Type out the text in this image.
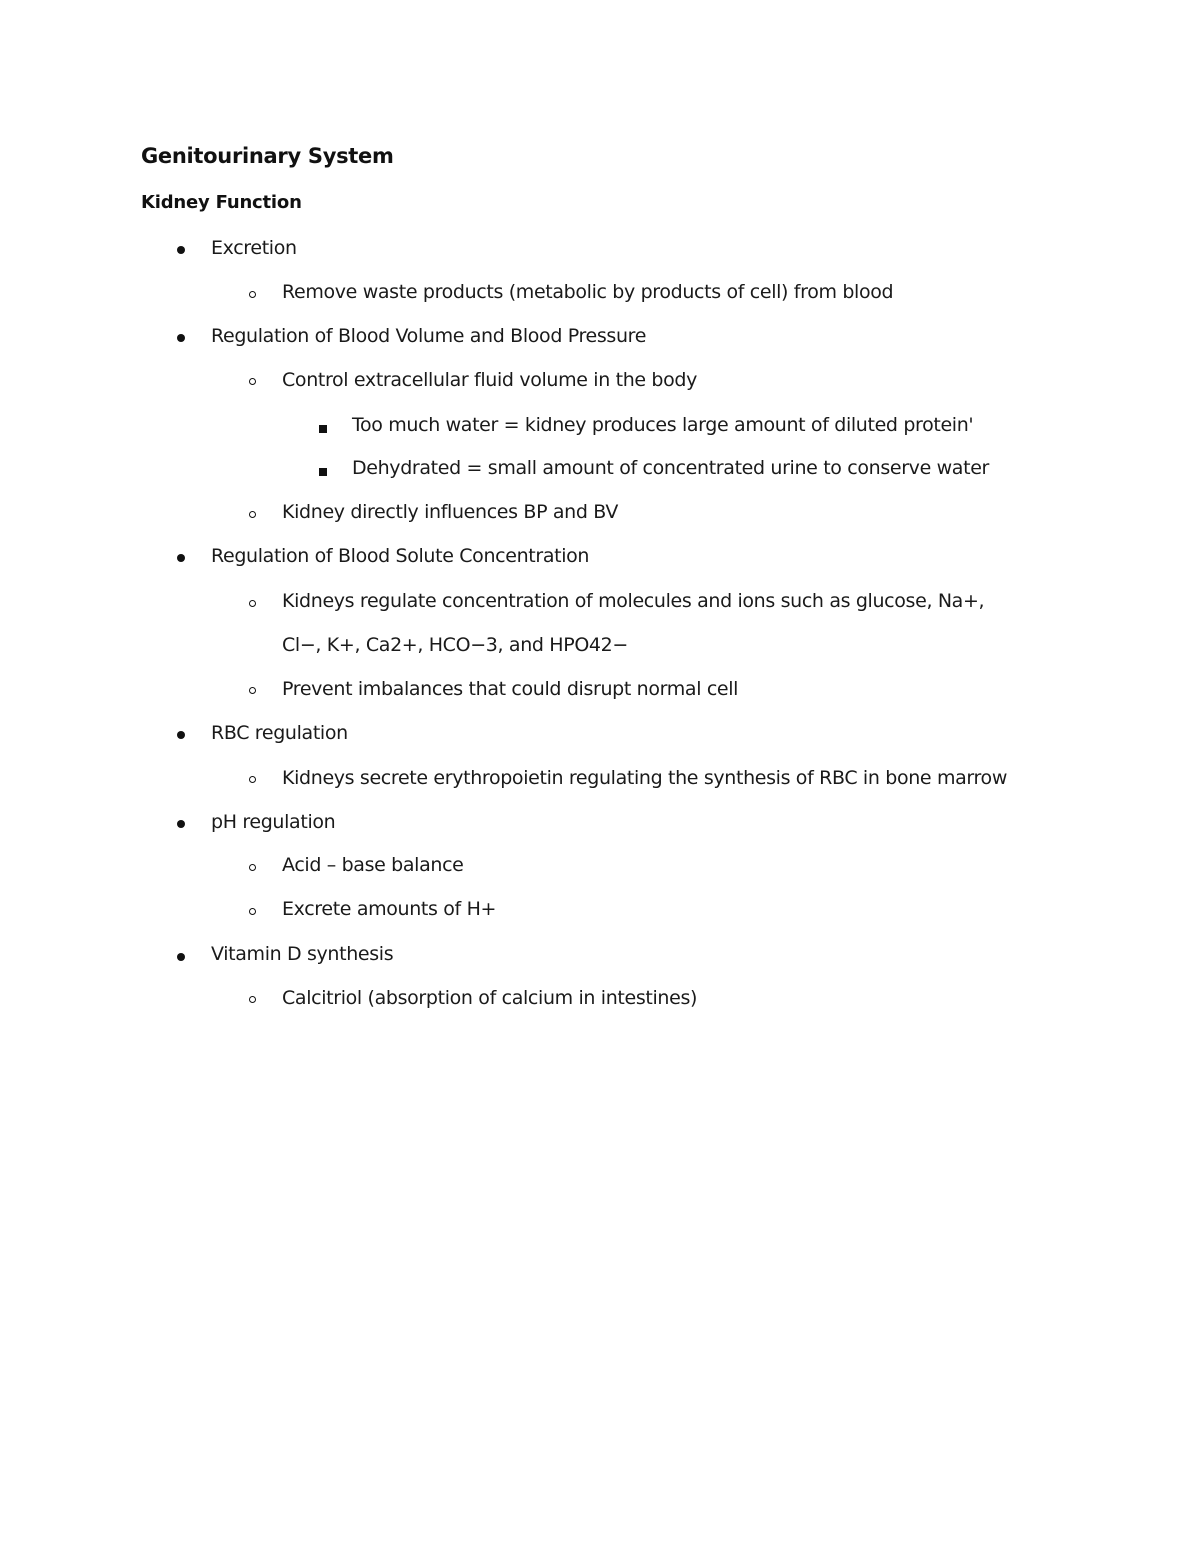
Genitourinary System
Kidney Function
Excretion
Remove waste products (metabolic by products of cell) from blood
Regulation of Blood Volume and Blood Pressure
Control extracellular fluid volume in the body
Too much water = kidney produces large amount of diluted protein'
Dehydrated = small amount of concentrated urine to conserve water
Kidney directly influences BP and BV
Regulation of Blood Solute Concentration
Kidneys regulate concentration of molecules and ions such as glucose, Na+,
Cl−, K+, Ca2+, HCO−3, and HPO42−
Prevent imbalances that could disrupt normal cell
RBC regulation
Kidneys secrete erythropoietin regulating the synthesis of RBC in bone marrow
pH regulation
Acid – base balance
Excrete amounts of H+
Vitamin D synthesis
Calcitriol (absorption of calcium in intestines)
